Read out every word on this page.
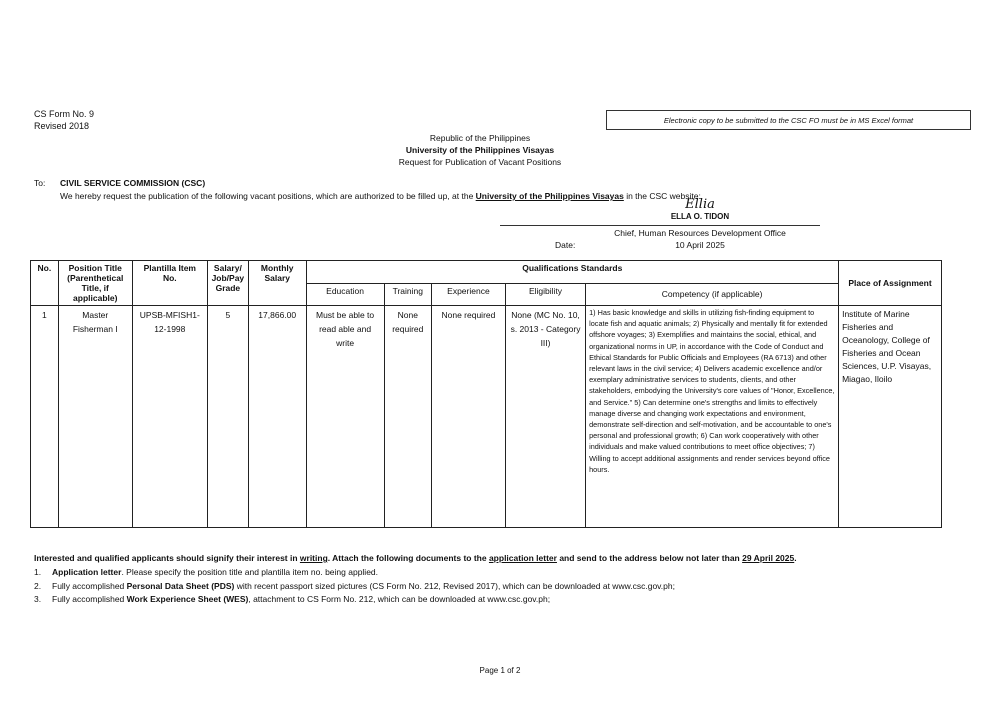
CS Form No. 9
Revised 2018
Electronic copy to be submitted to the CSC FO must be in MS Excel format
Republic of the Philippines
University of the Philippines Visayas
Request for Publication of Vacant Positions
To: CIVIL SERVICE COMMISSION (CSC)
We hereby request the publication of the following vacant positions, which are authorized to be filled up, at the University of the Philippines Visayas in the CSC website:
Ellia
ELLA O. TIDON
Chief, Human Resources Development Office
Date:	10 April 2025
No.	Position Title (Parenthetical Title, if applicable)	Plantilla Item No.	Salary/ Job/Pay Grade	Monthly Salary	Qualifications Standards					Place of Assignment
					Education	Training	Experience	Eligibility	Competency (if applicable)	
1	Master Fisherman I	UPSB-MFISH1-12-1998	5	17,866.00	Must be able to read able and write	None required	None required	None (MC No. 10, s. 2013 - Category III)	1) Has basic knowledge and skills in utilizing fish-finding equipment to locate fish and aquatic animals; 2) Physically and mentally fit for extended offshore voyages; 3) Exemplifies and maintains the social, ethical, and organizational norms in UP, in accordance with the Code of Conduct and Ethical Standards for Public Officials and Employees (RA 6713) and other relevant laws in the civil service; 4) Delivers academic excellence and/or exemplary administrative services to students, clients, and other stakeholders, embodying the University's core values of "Honor, Excellence, and Service." 5) Can determine one's strengths and limits to effectively manage diverse and changing work expectations and environment, demonstrate self-direction and self-motivation, and be accountable to one's personal and professional growth; 6) Can work cooperatively with other individuals and make valued contributions to meet office objectives; 7) Willing to accept additional assignments and render services beyond office hours.	Institute of Marine Fisheries and Oceanology, College of Fisheries and Ocean Sciences, U.P. Visayas, Miagao, Iloilo
Interested and qualified applicants should signify their interest in writing. Attach the following documents to the application letter and send to the address below not later than 29 April 2025.
1. Application letter. Please specify the position title and plantilla item no. being applied.
2. Fully accomplished Personal Data Sheet (PDS) with recent passport sized pictures (CS Form No. 212, Revised 2017), which can be downloaded at www.csc.gov.ph;
3. Fully accomplished Work Experience Sheet (WES), attachment to CS Form No. 212, which can be downloaded at www.csc.gov.ph;
Page 1 of 2
